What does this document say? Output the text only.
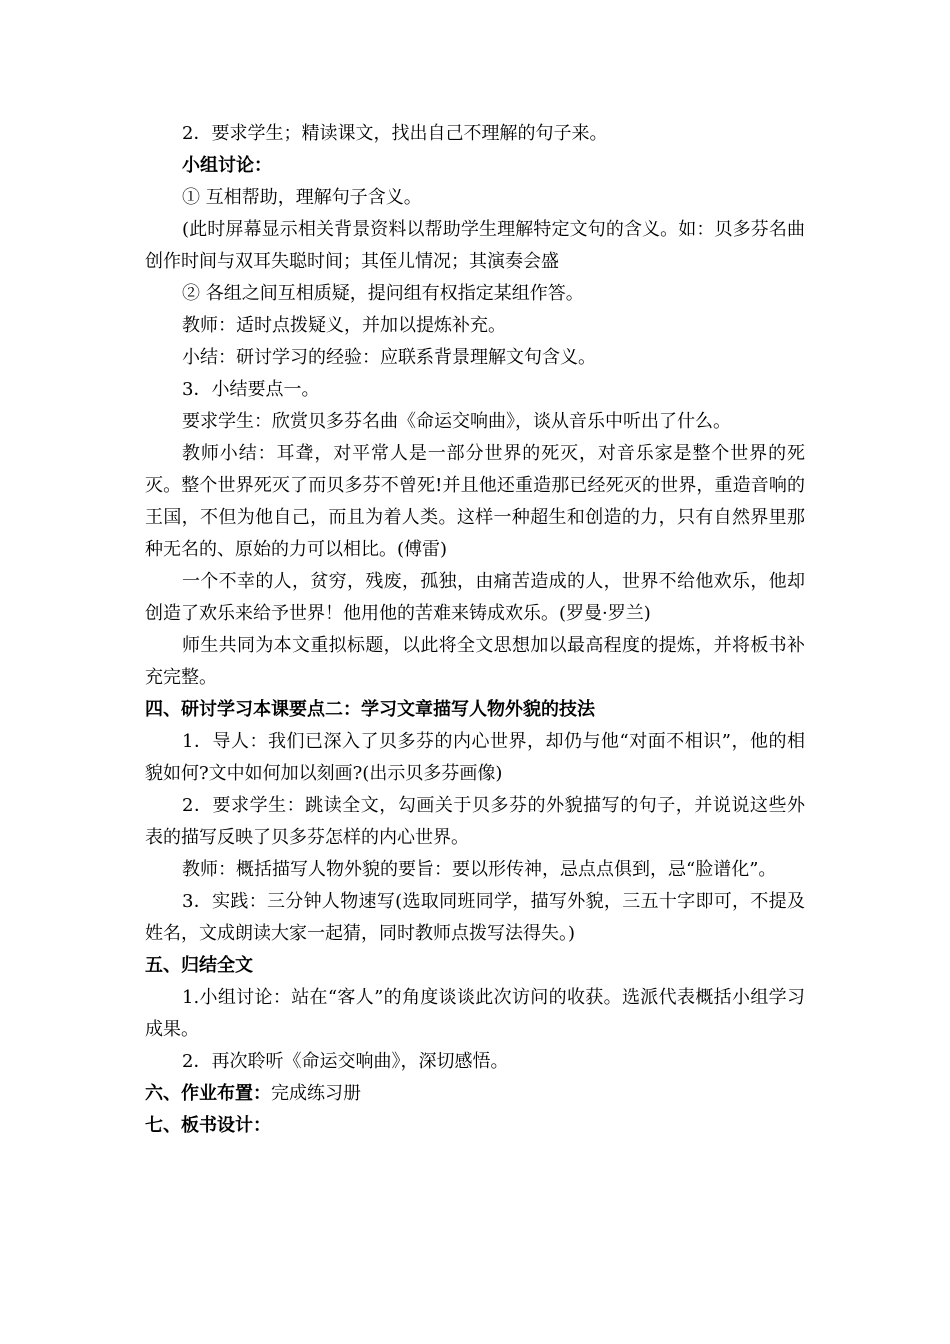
2．要求学生；精读课文，找出自己不理解的句子来。

小组讨论：

① 互相帮助，理解句子含义。

(此时屏幕显示相关背景资料以帮助学生理解特定文句的含义。如：贝多芬名曲创作时间与双耳失聪时间；其侄儿情况；其演奏会盛

② 各组之间互相质疑，提问组有权指定某组作答。

教师：适时点拨疑义，并加以提炼补充。

小结：研讨学习的经验：应联系背景理解文句含义。

3．小结要点一。

要求学生：欣赏贝多芬名曲《命运交响曲》，谈从音乐中听出了什么。

教师小结：耳聋，对平常人是一部分世界的死灭，对音乐家是整个世界的死灭。整个世界死灭了而贝多芬不曾死!并且他还重造那已经死灭的世界，重造音响的王国，不但为他自己，而且为着人类。这样一种超生和创造的力，只有自然界里那种无名的、原始的力可以相比。(傅雷)

一个不幸的人，贫穷，残废，孤独，由痛苦造成的人，世界不给他欢乐，他却创造了欢乐来给予世界！他用他的苦难来铸成欢乐。(罗曼·罗兰)

师生共同为本文重拟标题，以此将全文思想加以最高程度的提炼，并将板书补充完整。

四、研讨学习本课要点二：学习文章描写人物外貌的技法

1．导人：我们已深入了贝多芬的内心世界，却仍与他“对面不相识”，他的相貌如何?文中如何加以刻画?(出示贝多芬画像)

2．要求学生：跳读全文，勾画关于贝多芬的外貌描写的句子，并说说这些外表的描写反映了贝多芬怎样的内心世界。

教师：概括描写人物外貌的要旨：要以形传神，忌点点俱到，忌“脸谱化”。

3．实践：三分钟人物速写(选取同班同学，描写外貌，三五十字即可，不提及姓名，文成朗读大家一起猜，同时教师点拨写法得失。)

五、归结全文

1.小组讨论：站在“客人”的角度谈谈此次访问的收获。选派代表概括小组学习成果。

2．再次聆听《命运交响曲》，深切感悟。

六、作业布置：完成练习册

七、板书设计：
